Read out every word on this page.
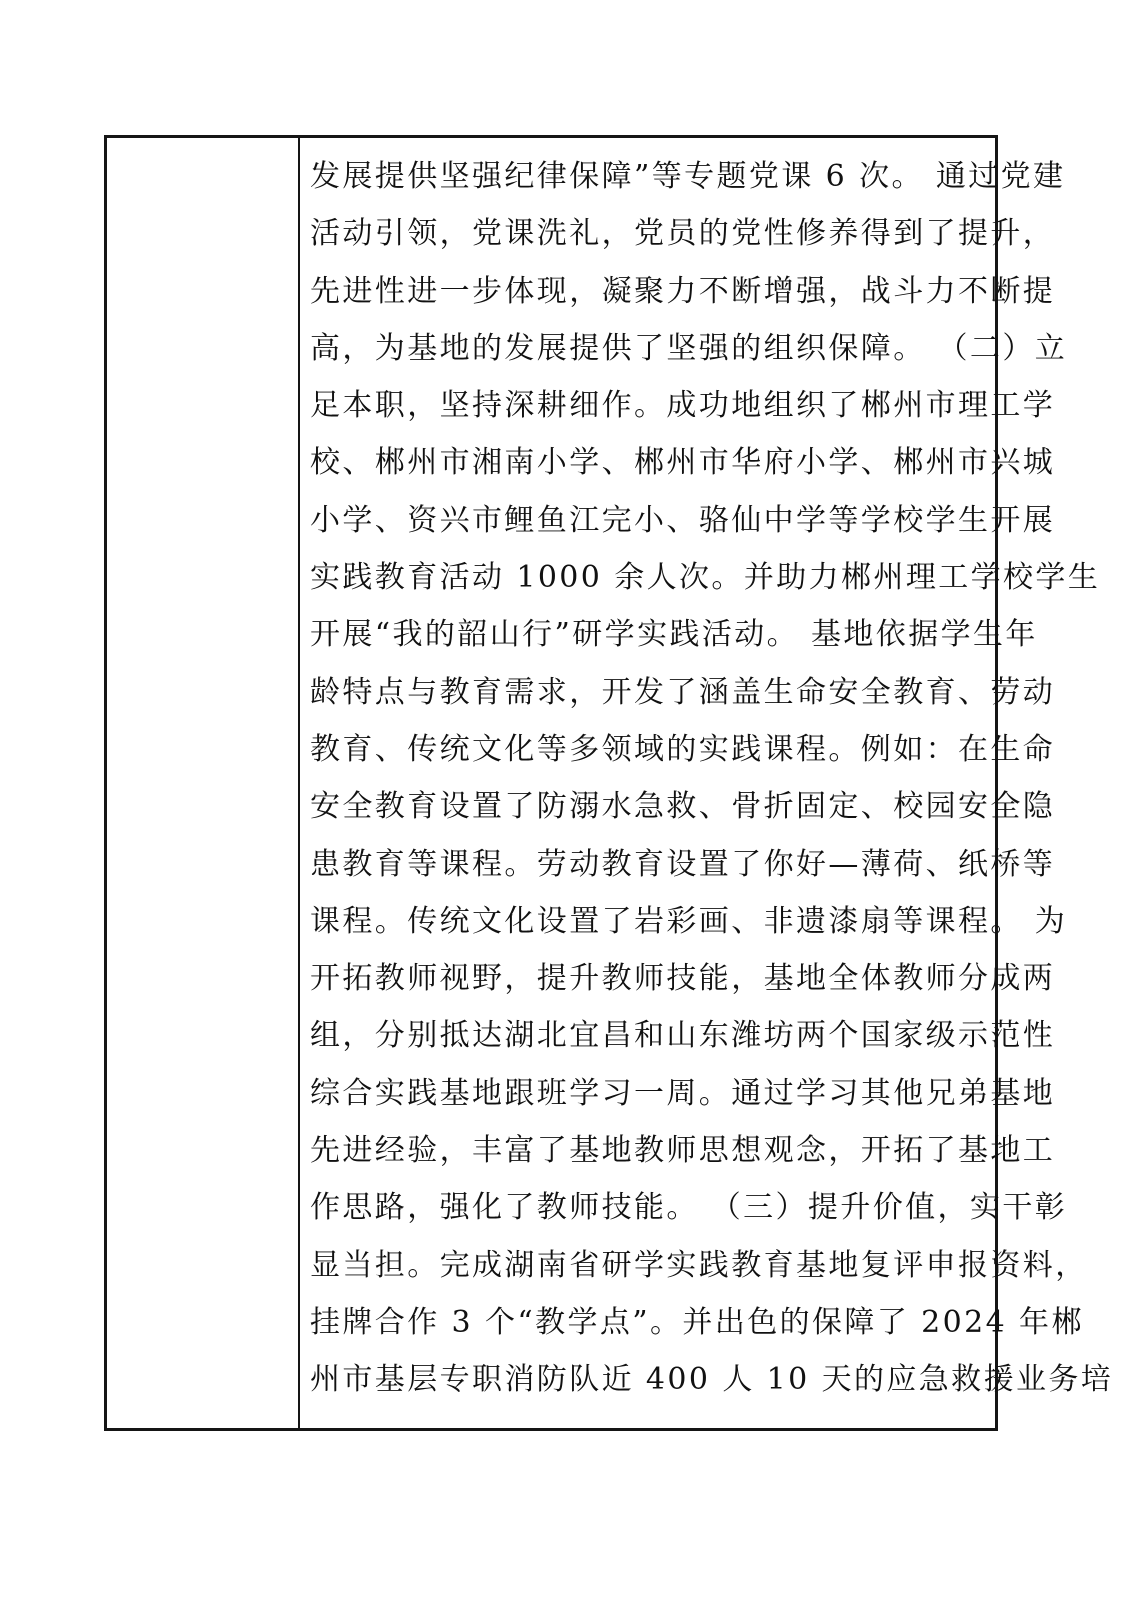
发展提供坚强纪律保障”等专题党课 6 次。 通过党建
活动引领，党课洗礼，党员的党性修养得到了提升，
先进性进一步体现，凝聚力不断增强，战斗力不断提
高，为基地的发展提供了坚强的组织保障。 （二）立
足本职，坚持深耕细作。成功地组织了郴州市理工学
校、郴州市湘南小学、郴州市华府小学、郴州市兴城
小学、资兴市鲤鱼江完小、骆仙中学等学校学生开展
实践教育活动 1000 余人次。并助力郴州理工学校学生
开展“我的韶山行”研学实践活动。 基地依据学生年
龄特点与教育需求，开发了涵盖生命安全教育、劳动
教育、传统文化等多领域的实践课程。例如：在生命
安全教育设置了防溺水急救、骨折固定、校园安全隐
患教育等课程。劳动教育设置了你好—薄荷、纸桥等
课程。传统文化设置了岩彩画、非遗漆扇等课程。 为
开拓教师视野，提升教师技能，基地全体教师分成两
组，分别抵达湖北宜昌和山东潍坊两个国家级示范性
综合实践基地跟班学习一周。通过学习其他兄弟基地
先进经验，丰富了基地教师思想观念，开拓了基地工
作思路，强化了教师技能。 （三）提升价值，实干彰
显当担。完成湖南省研学实践教育基地复评申报资料，
挂牌合作 3 个“教学点”。并出色的保障了 2024 年郴
州市基层专职消防队近 400 人 10 天的应急救援业务培
